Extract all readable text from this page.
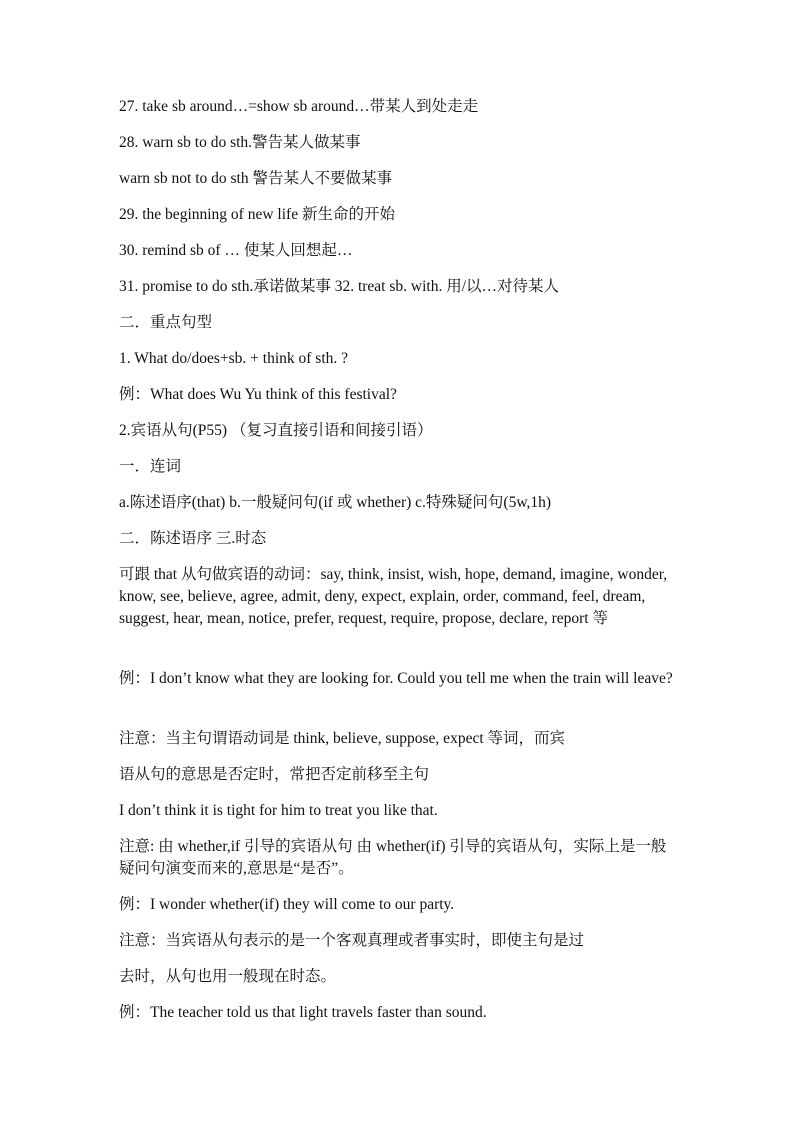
27. take sb around…=show sb around…带某人到处走走
28. warn sb to do sth.警告某人做某事
warn sb not to do sth 警告某人不要做某事
29. the beginning of new life 新生命的开始
30. remind sb of … 使某人回想起…
31. promise to do sth.承诺做某事 32. treat sb. with. 用/以…对待某人
二．重点句型
1. What do/does+sb. + think of sth. ?
例：What does Wu Yu think of this festival?
2.宾语从句(P55) （复习直接引语和间接引语）
一．连词
a.陈述语序(that) b.一般疑问句(if 或 whether) c.特殊疑问句(5w,1h)
二．陈述语序 三.时态
可跟 that 从句做宾语的动词：say, think, insist, wish, hope, demand, imagine, wonder, know, see, believe, agree, admit, deny, expect, explain, order, command, feel, dream, suggest, hear, mean, notice, prefer, request, require, propose, declare, report 等
例：I don’t know what they are looking for. Could you tell me when the train will leave?
注意：当主句谓语动词是 think, believe, suppose, expect 等词，而宾
语从句的意思是否定时，常把否定前移至主句
I don’t think it is tight for him to treat you like that.
注意: 由 whether,if 引导的宾语从句 由 whether(if) 引导的宾语从句，实际上是一般疑问句演变而来的,意思是“是否”。
例：I wonder whether(if) they will come to our party.
注意：当宾语从句表示的是一个客观真理或者事实时，即使主句是过
去时，从句也用一般现在时态。
例：The teacher told us that light travels faster than sound.
